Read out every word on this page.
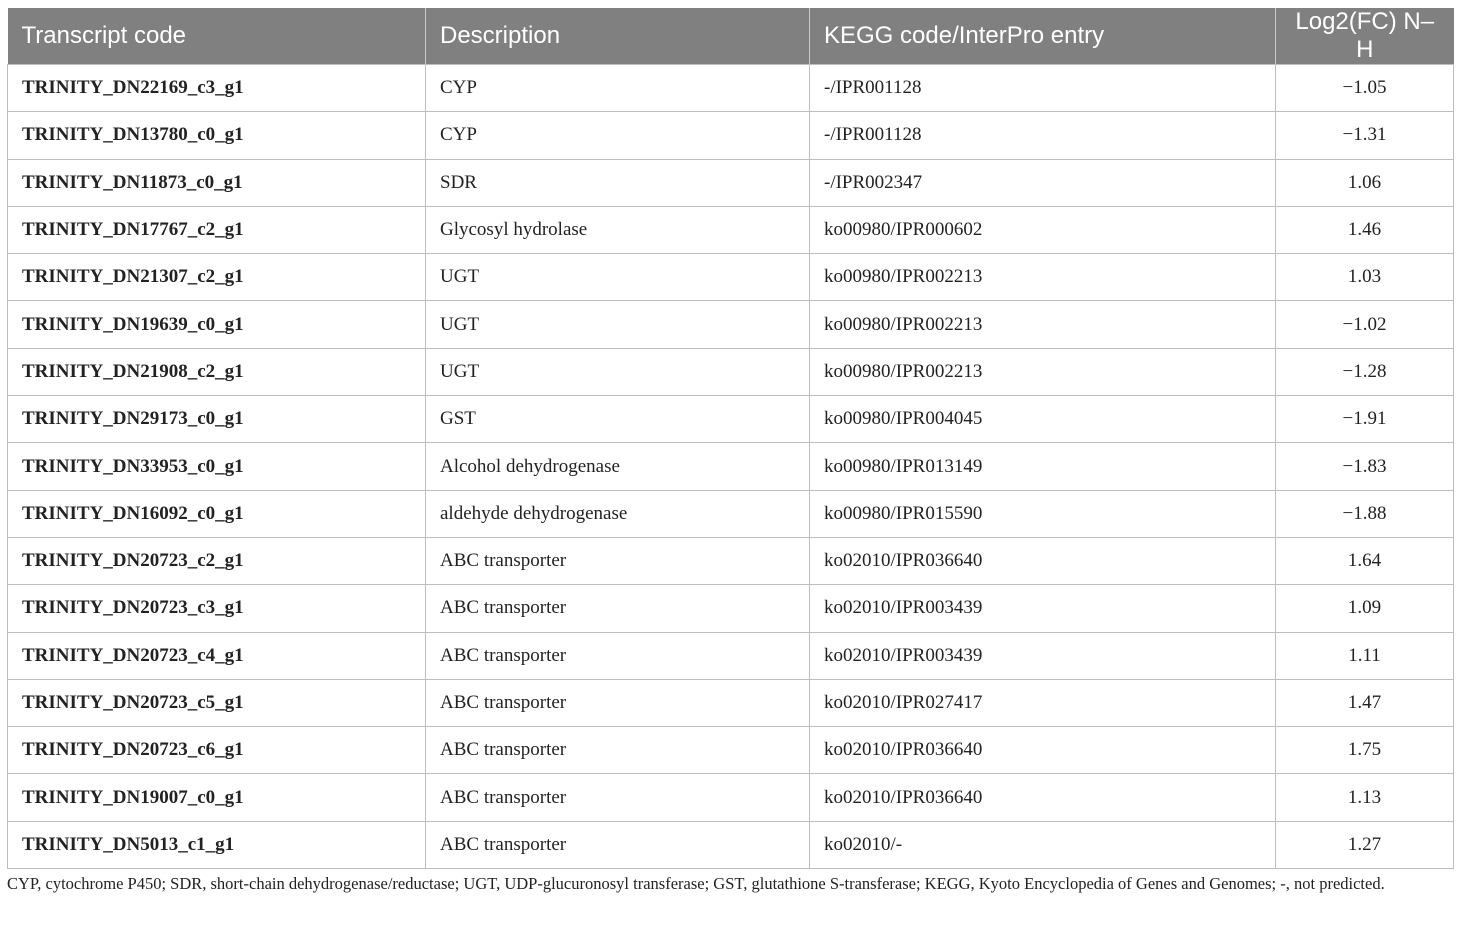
Transcript code	Description	KEGG code/InterPro entry	Log2(FC) N–H
TRINITY_DN22169_c3_g1	CYP	-/IPR001128	−1.05
TRINITY_DN13780_c0_g1	CYP	-/IPR001128	−1.31
TRINITY_DN11873_c0_g1	SDR	-/IPR002347	1.06
TRINITY_DN17767_c2_g1	Glycosyl hydrolase	ko00980/IPR000602	1.46
TRINITY_DN21307_c2_g1	UGT	ko00980/IPR002213	1.03
TRINITY_DN19639_c0_g1	UGT	ko00980/IPR002213	−1.02
TRINITY_DN21908_c2_g1	UGT	ko00980/IPR002213	−1.28
TRINITY_DN29173_c0_g1	GST	ko00980/IPR004045	−1.91
TRINITY_DN33953_c0_g1	Alcohol dehydrogenase	ko00980/IPR013149	−1.83
TRINITY_DN16092_c0_g1	aldehyde dehydrogenase	ko00980/IPR015590	−1.88
TRINITY_DN20723_c2_g1	ABC transporter	ko02010/IPR036640	1.64
TRINITY_DN20723_c3_g1	ABC transporter	ko02010/IPR003439	1.09
TRINITY_DN20723_c4_g1	ABC transporter	ko02010/IPR003439	1.11
TRINITY_DN20723_c5_g1	ABC transporter	ko02010/IPR027417	1.47
TRINITY_DN20723_c6_g1	ABC transporter	ko02010/IPR036640	1.75
TRINITY_DN19007_c0_g1	ABC transporter	ko02010/IPR036640	1.13
TRINITY_DN5013_c1_g1	ABC transporter	ko02010/-	1.27
CYP, cytochrome P450; SDR, short-chain dehydrogenase/reductase; UGT, UDP-glucuronosyl transferase; GST, glutathione S-transferase; KEGG, Kyoto Encyclopedia of Genes and Genomes; -, not predicted.
